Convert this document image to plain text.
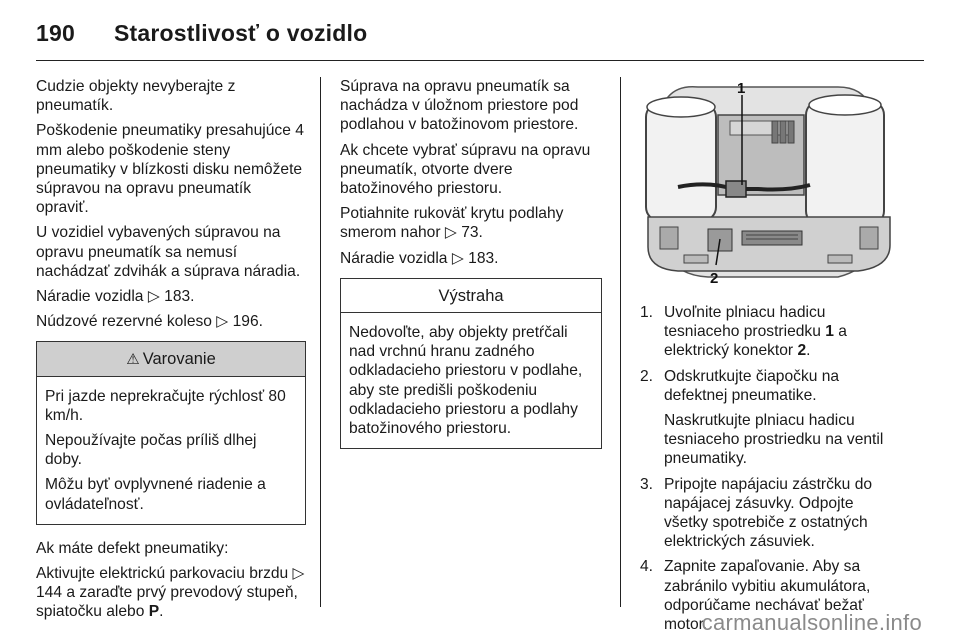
190 Starostlivosť o vozidlo

Cudzie objekty nevyberajte z pneumatík.

Poškodenie pneumatiky presahujúce 4 mm alebo poškodenie steny pneumatiky v blízkosti disku nemôžete súpravou na opravu pneumatík opraviť.

U vozidiel vybavených súpravou na opravu pneumatík sa nemusí nachádzať zdvihák a súprava náradia.

Náradie vozidla ▷ 183.

Núdzové rezervné koleso ▷ 196.

⚠ Varovanie

Pri jazde neprekračujte rýchlosť 80 km/h.

Nepoužívajte počas príliš dlhej doby.

Môžu byť ovplyvnené riadenie a ovládateľnosť.

Ak máte defekt pneumatiky:

Aktivujte elektrickú parkovaciu brzdu ▷ 144 a zaraďte prvý prevodový stupeň, spiatočku alebo P.

Súprava na opravu pneumatík sa nachádza v úložnom priestore pod podlahou v batožinovom priestore.

Ak chcete vybrať súpravu na opravu pneumatík, otvorte dvere batožinového priestoru.

Potiahnite rukoväť krytu podlahy smerom nahor ▷ 73.

Náradie vozidla ▷ 183.

Výstraha

Nedovoľte, aby objekty pretŕčali nad vrchnú hranu zadného odkladacieho priestoru v podlahe, aby ste predišli poškodeniu odkladacieho priestoru a podlahy batožinového priestoru.

1
2
1. Uvoľnite plniacu hadicu tesniaceho prostriedku 1 a elektrický konektor 2.

2. Odskrutkujte čiapočku na defektnej pneumatike.

Naskrutkujte plniacu hadicu tesniaceho prostriedku na ventil pneumatiky.

3. Pripojte napájaciu zástrčku do napájacej zásuvky. Odpojte všetky spotrebiče z ostatných elektrických zásuviek.

4. Zapnite zapaľovanie. Aby sa zabránilo vybitiu akumulátora, odporúčame nechávať bežať motor.

carmanualsonline.info
